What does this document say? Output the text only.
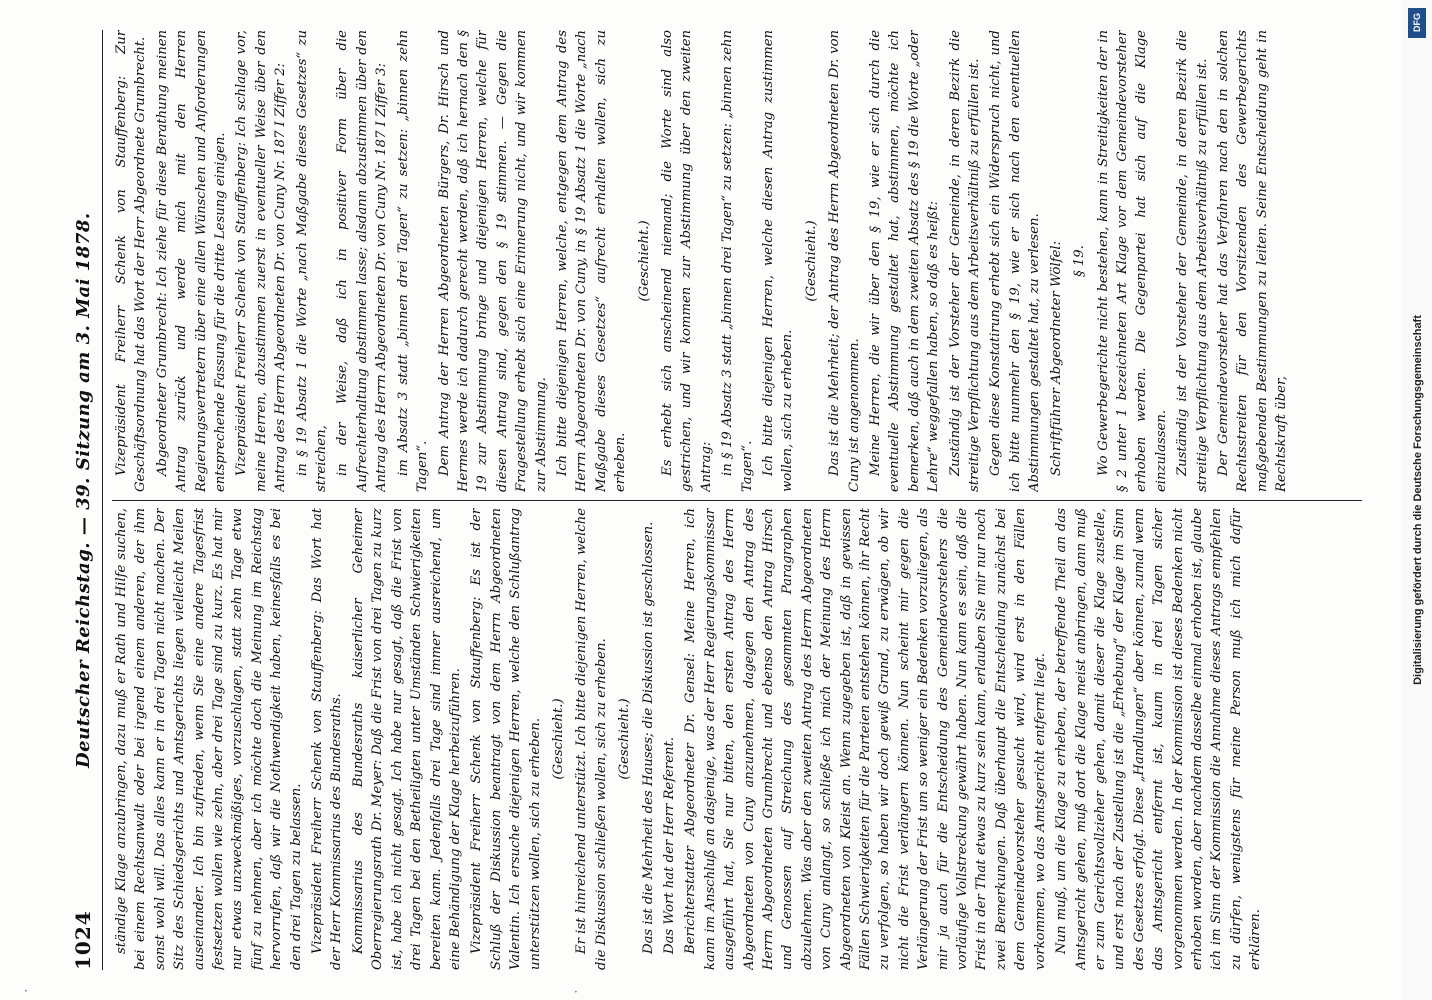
1024
Deutscher Reichstag. — 39. Sitzung am 3. Mai 1878. ständige Klage anzubringen, dazu muß er Rath und Hilfe suchen, bei einem Rechtsanwalt oder bei irgend einem anderen, der ihm sonst wohl will. Das alles kann er in drei Tagen nicht machen. Der Sitz des Schiedsgerichts und Amtsgerichts liegen vielleicht Meilen auseinander. Ich bin zufrieden, wenn Sie eine andere Tagesfrist festsetzen wollen wie zehn, aber drei Tage sind zu kurz. Es hat mir nur etwas unzweckmäßiges, vorzuschlagen, statt zehn Tage etwa fünf zu nehmen, aber ich möchte doch die Meinung im Reichstag hervorrufen, daß wir die Nothwendigkeit haben, keinesfalls es bei den drei Tagen zu belassen. Vizepräsident Freiherr Schenk von Stauffenberg: Das Wort hat der Herr Kommissarius des Bundesraths. Kommissarius des Bundesraths kaiserlicher Geheimer Oberregierungsrath Dr. Meyer: Daß die Frist von drei Tagen zu kurz ist, habe ich nicht gesagt. Ich habe nur gesagt, daß die Frist von drei Tagen bei den Betheiligten unter Umständen Schwierigkeiten bereiten kann. Jedenfalls drei Tage sind immer ausreichend, um eine Behändigung der Klage herbeizuführen. Vizepräsident Freiherr Schenk von Stauffenberg: Es ist der Schluß der Diskussion beantragt von dem Herrn Abgeordneten Valentin. Ich ersuche diejenigen Herren, welche den Schlußantrag unterstützen wollen, sich zu erheben. (Geschieht.) Er ist hinreichend unterstützt. Ich bitte diejenigen Herren, welche die Diskussion schließen wollen, sich zu erheben. (Geschieht.) Das ist die Mehrheit des Hauses; die Diskussion ist geschlossen. Das Wort hat der Herr Referent. Berichterstatter Abgeordneter Dr. Gensel: Meine Herren, ich kann im Anschluß an dasjenige, was der Herr Regierungskommissar ausgeführt hat, Sie nur bitten, den ersten Antrag des Herrn Abgeordneten von Cuny anzunehmen, dagegen den Antrag des Herrn Abgeordneten Grumbrecht und ebenso den Antrag Hirsch und Genossen auf Streichung des gesammten Paragraphen abzulehnen. Was aber den zweiten Antrag des Herrn Abgeordneten von Cuny anlangt, so schließe ich mich der Meinung des Herrn Abgeordneten von Kleist an. Wenn zugegeben ist, daß in gewissen Fällen Schwierigkeiten für die Parteien entstehen können, ihr Recht zu verfolgen, so haben wir doch gewiß Grund, zu erwägen, ob wir nicht die Frist verlängern können. Nun scheint mir gegen die Verlängerung der Frist um so weniger ein Bedenken vorzuliegen, als mir ja auch für die Entscheidung des Gemeindevorstehers die vorläufige Vollstreckung gewährt haben. Nun kann es sein, daß die Frist in der That etwas zu kurz sein kann, erlauben Sie mir nur noch zwei Bemerkungen. Daß überhaupt die Entscheidung zunächst bei dem Gemeindevorsteher gesucht wird, wird erst in den Fällen vorkommen, wo das Amtsgericht entfernt liegt. Nun muß, um die Klage zu erheben, der betreffende Theil an das Amtsgericht gehen, muß dort die Klage meist anbringen, dann muß er zum Gerichtsvollzieher gehen, damit dieser die Klage zustelle, und erst nach der Zustellung ist die „Erhebung“ der Klage im Sinn des Gesetzes erfolgt. Diese „Handlungen“ aber können, zumal wenn das Amtsgericht entfernt ist, kaum in drei Tagen sicher vorgenommen werden. In der Kommission ist dieses Bedenken nicht erhoben worden, aber nachdem dasselbe einmal erhoben ist, glaube ich im Sinn der Kommission die Annahme dieses Antrags empfehlen zu dürfen, wenigstens für meine Person muß ich mich dafür erklären.

Vizepräsident Freiherr Schenk von Stauffenberg: Zur Geschäftsordnung hat das Wort der Herr Abgeordnete Grumbrecht. Abgeordneter Grumbrecht: Ich ziehe für diese Berathung meinen Antrag zurück und werde mich mit den Herren Regierungsvertretern über eine allen Wünschen und Anforderungen entsprechende Fassung für die dritte Lesung einigen. Vizepräsident Freiherr Schenk von Stauffenberg: Ich schlage vor, meine Herren, abzustimmen zuerst in eventueller Weise über den Antrag des Herrn Abgeordneten Dr. von Cuny Nr. 187 I Ziffer 2: in § 19 Absatz 1 die Worte „nach Maßgabe dieses Gesetzes“ zu streichen, in der Weise, daß ich in positiver Form über die Aufrechterhaltung abstimmen lasse; alsdann abzustimmen über den Antrag des Herrn Abgeordneten Dr. von Cuny Nr. 187 I Ziffer 3: im Absatz 3 statt „binnen drei Tagen“ zu setzen: „binnen zehn Tagen“. Dem Antrag der Herren Abgeordneten Bürgers, Dr. Hirsch und Hermes werde ich dadurch gerecht werden, daß ich hernach den § 19 zur Abstimmung bringe und diejenigen Herren, welche für diesen Antrag sind, gegen den § 19 stimmen. — Gegen die Fragestellung erhebt sich eine Erinnerung nicht, und wir kommen zur Abstimmung. Ich bitte diejenigen Herren, welche, entgegen dem Antrag des Herrn Abgeordneten Dr. von Cuny, in § 19 Absatz 1 die Worte „nach Maßgabe dieses Gesetzes“ aufrecht erhalten wollen, sich zu erheben.

(Geschieht.) Es erhebt sich anscheinend niemand; die Worte sind also gestrichen, und wir kommen zur Abstimmung über den zweiten Antrag: in § 19 Absatz 3 statt „binnen drei Tagen“ zu setzen: „binnen zehn Tagen“. Ich bitte diejenigen Herren, welche diesen Antrag zustimmen wollen, sich zu erheben.

(Geschieht.) Das ist die Mehrheit; der Antrag des Herrn Abgeordneten Dr. von Cuny ist angenommen. Meine Herren, die wir über den § 19, wie er sich durch die eventuelle Abstimmung gestaltet hat, abstimmen, möchte ich bemerken, daß auch in dem zweiten Absatz des § 19 die Worte „oder Lehre“ weggefallen haben, so daß es heißt: Zuständig ist der Vorsteher der Gemeinde, in deren Bezirk die streitige Verpflichtung aus dem Arbeitsverhältniß zu erfüllen ist. Gegen diese Konstatirung erhebt sich ein Widerspruch nicht, und ich bitte nunmehr den § 19, wie er sich nach den eventuellen Abstimmungen gestaltet hat, zu verlesen. Schriftführer Abgeordneter Wölfel: § 19. Wo Gewerbegerichte nicht bestehen, kann in Streitigkeiten der in § 2 unter 1 bezeichneten Art Klage vor dem Gemeindevorsteher erhoben werden. Die Gegenpartei hat sich auf die Klage einzulassen. Zuständig ist der Vorsteher der Gemeinde, in deren Bezirk die streitige Verpflichtung aus dem Arbeitsverhältniß zu erfüllen ist. Der Gemeindevorsteher hat das Verfahren nach den in solchen Rechtsstreiten für den Vorsitzenden des Gewerbegerichts maßgebenden Bestimmungen zu leiten. Seine Entscheidung geht in Rechtskraft über,

DFG
Digitalisierung gefördert durch die Deutsche Forschungsgemeinschaft
·	·
